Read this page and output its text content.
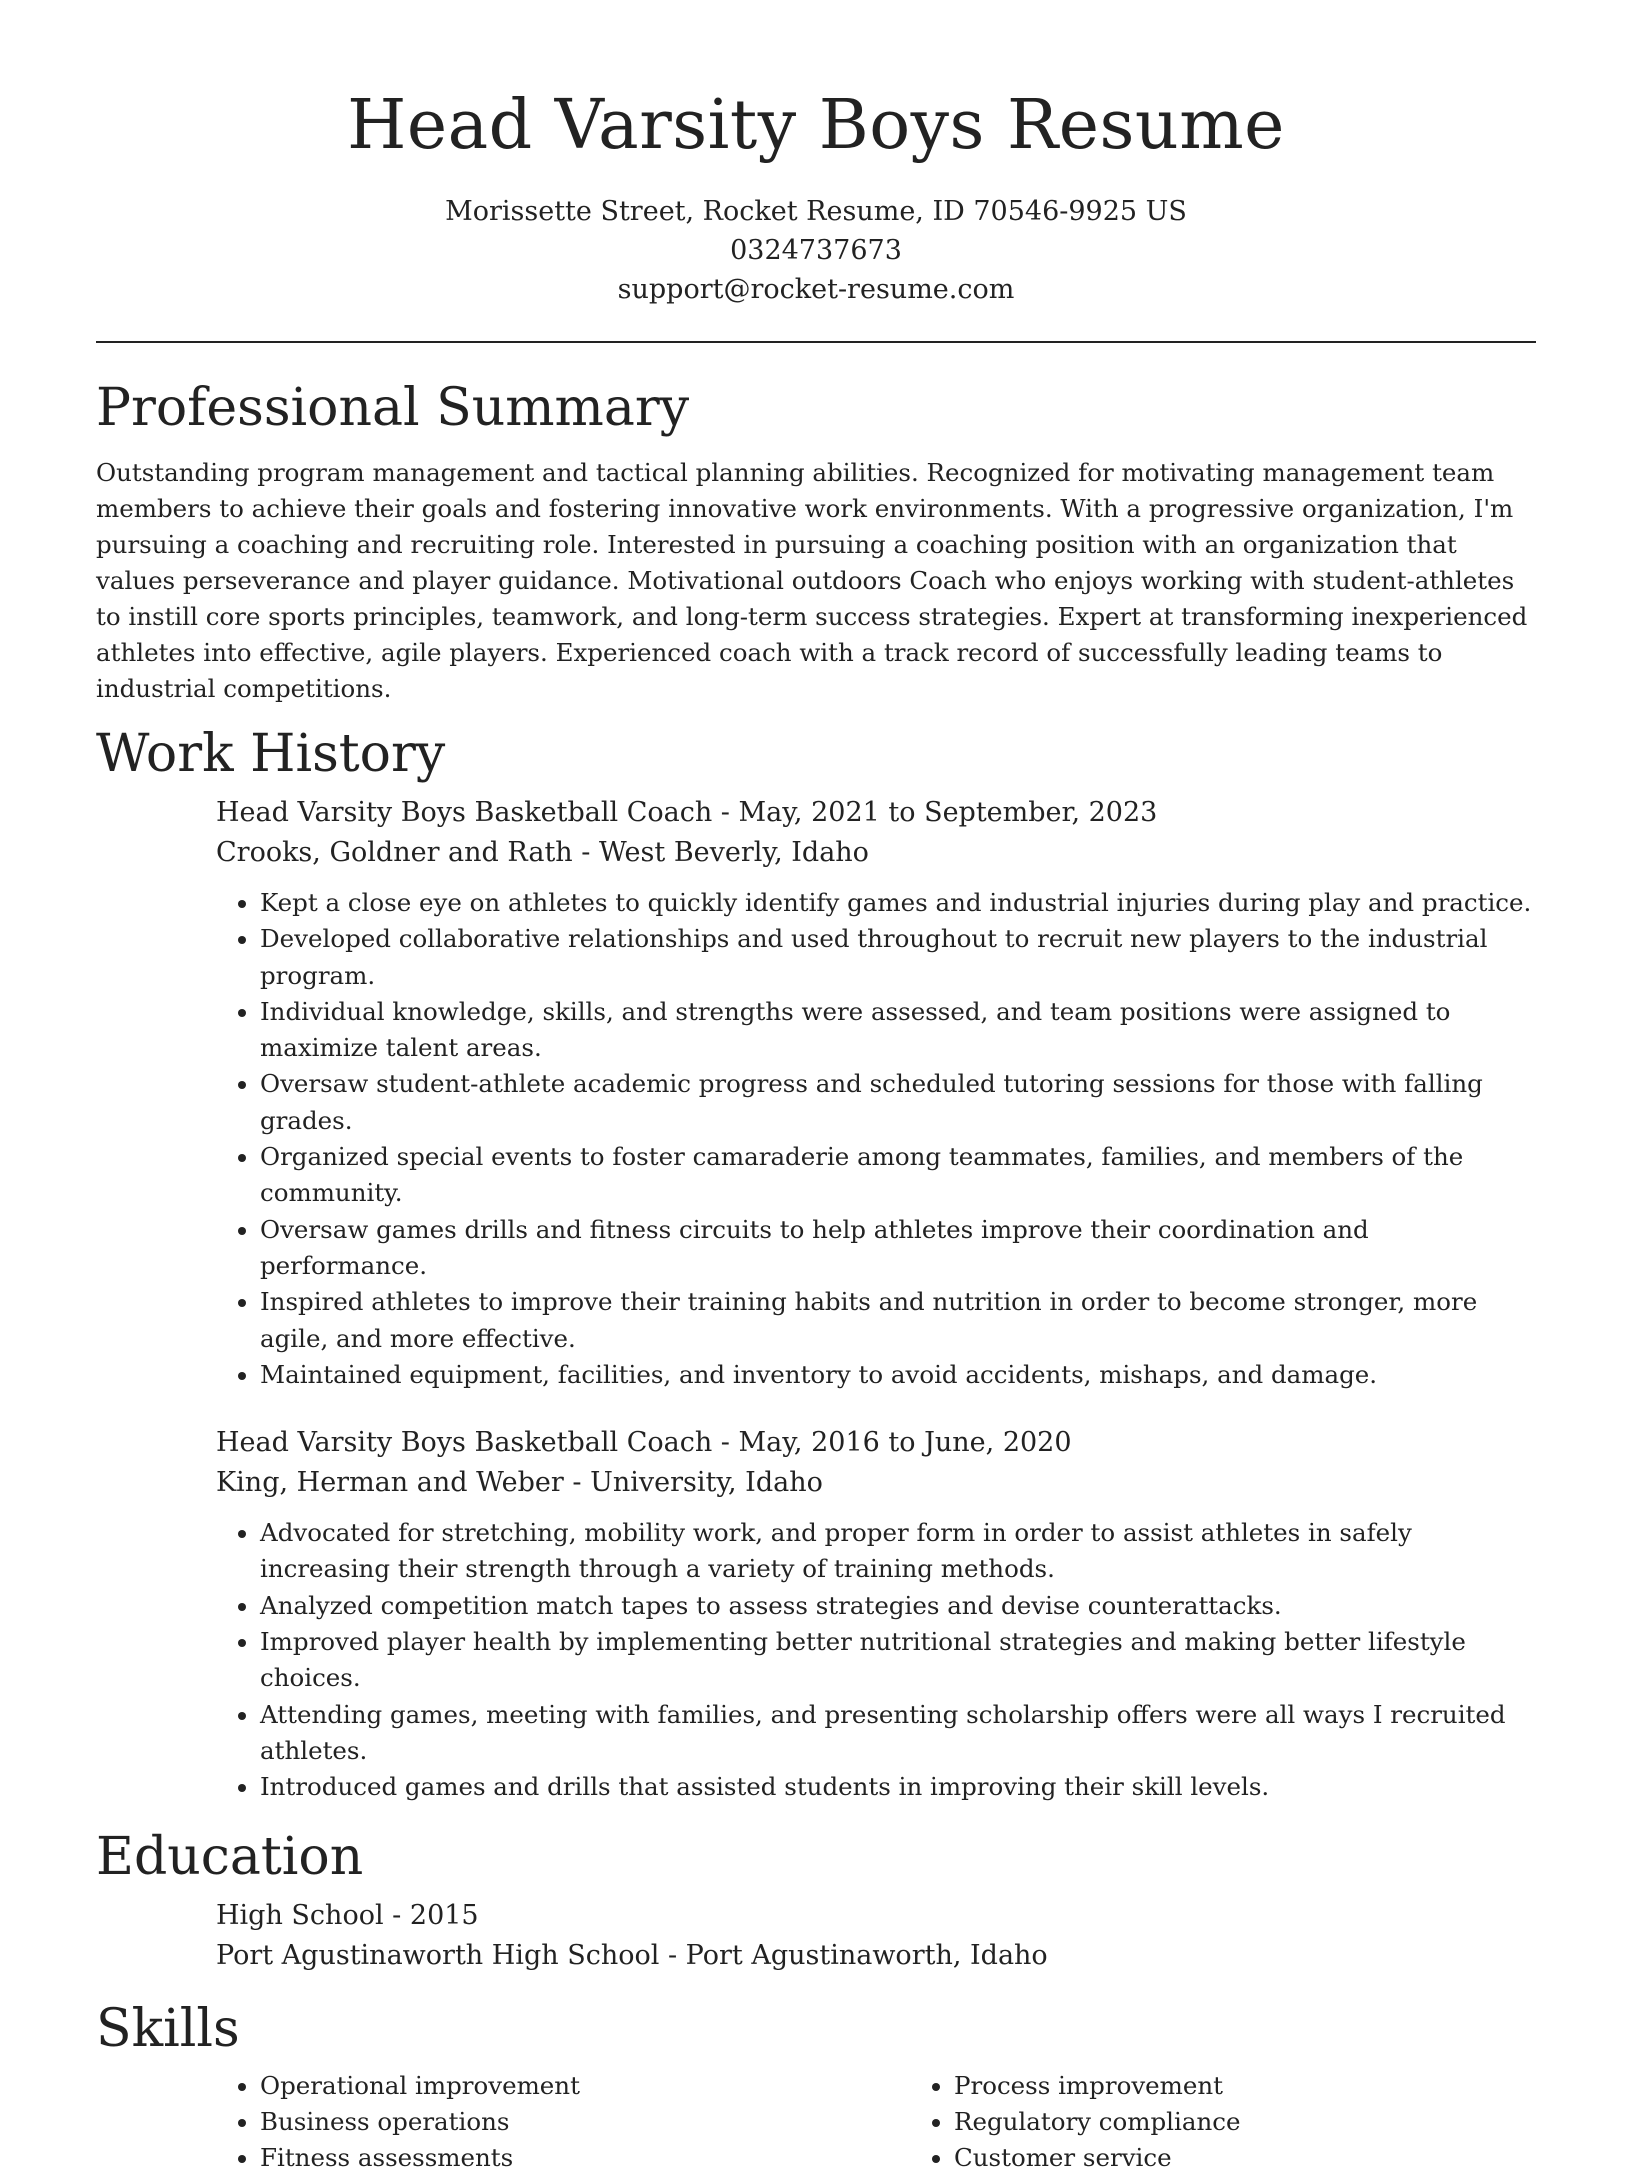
Head Varsity Boys Resume
Morissette Street, Rocket Resume, ID 70546-9925 US
0324737673
support@rocket-resume.com
Professional Summary

Outstanding program management and tactical planning abilities. Recognized for motivating management team members to achieve their goals and fostering innovative work environments. With a progressive organization, I'm pursuing a coaching and recruiting role. Interested in pursuing a coaching position with an organization that values perseverance and player guidance. Motivational outdoors Coach who enjoys working with student-athletes to instill core sports principles, teamwork, and long-term success strategies. Expert at transforming inexperienced athletes into effective, agile players. Experienced coach with a track record of successfully leading teams to industrial competitions.

Work History

Head Varsity Boys Basketball Coach - May, 2021 to September, 2023

Crooks, Goldner and Rath - West Beverly, Idaho

• Kept a close eye on athletes to quickly identify games and industrial injuries during play and practice.
• Developed collaborative relationships and used throughout to recruit new players to the industrial program.
• Individual knowledge, skills, and strengths were assessed, and team positions were assigned to maximize talent areas.
• Oversaw student-athlete academic progress and scheduled tutoring sessions for those with falling grades.
• Organized special events to foster camaraderie among teammates, families, and members of the community.
• Oversaw games drills and fitness circuits to help athletes improve their coordination and performance.
• Inspired athletes to improve their training habits and nutrition in order to become stronger, more agile, and more effective.
• Maintained equipment, facilities, and inventory to avoid accidents, mishaps, and damage.

Head Varsity Boys Basketball Coach - May, 2016 to June, 2020

King, Herman and Weber - University, Idaho

• Advocated for stretching, mobility work, and proper form in order to assist athletes in safely increasing their strength through a variety of training methods.
• Analyzed competition match tapes to assess strategies and devise counterattacks.
• Improved player health by implementing better nutritional strategies and making better lifestyle choices.
• Attending games, meeting with families, and presenting scholarship offers were all ways I recruited athletes.
• Introduced games and drills that assisted students in improving their skill levels.
Education

High School - 2015

Port Agustinaworth High School - Port Agustinaworth, Idaho

Skills
• Operational improvement
• Business operations
• Fitness assessments
• Process improvement
• Regulatory compliance
• Customer service
